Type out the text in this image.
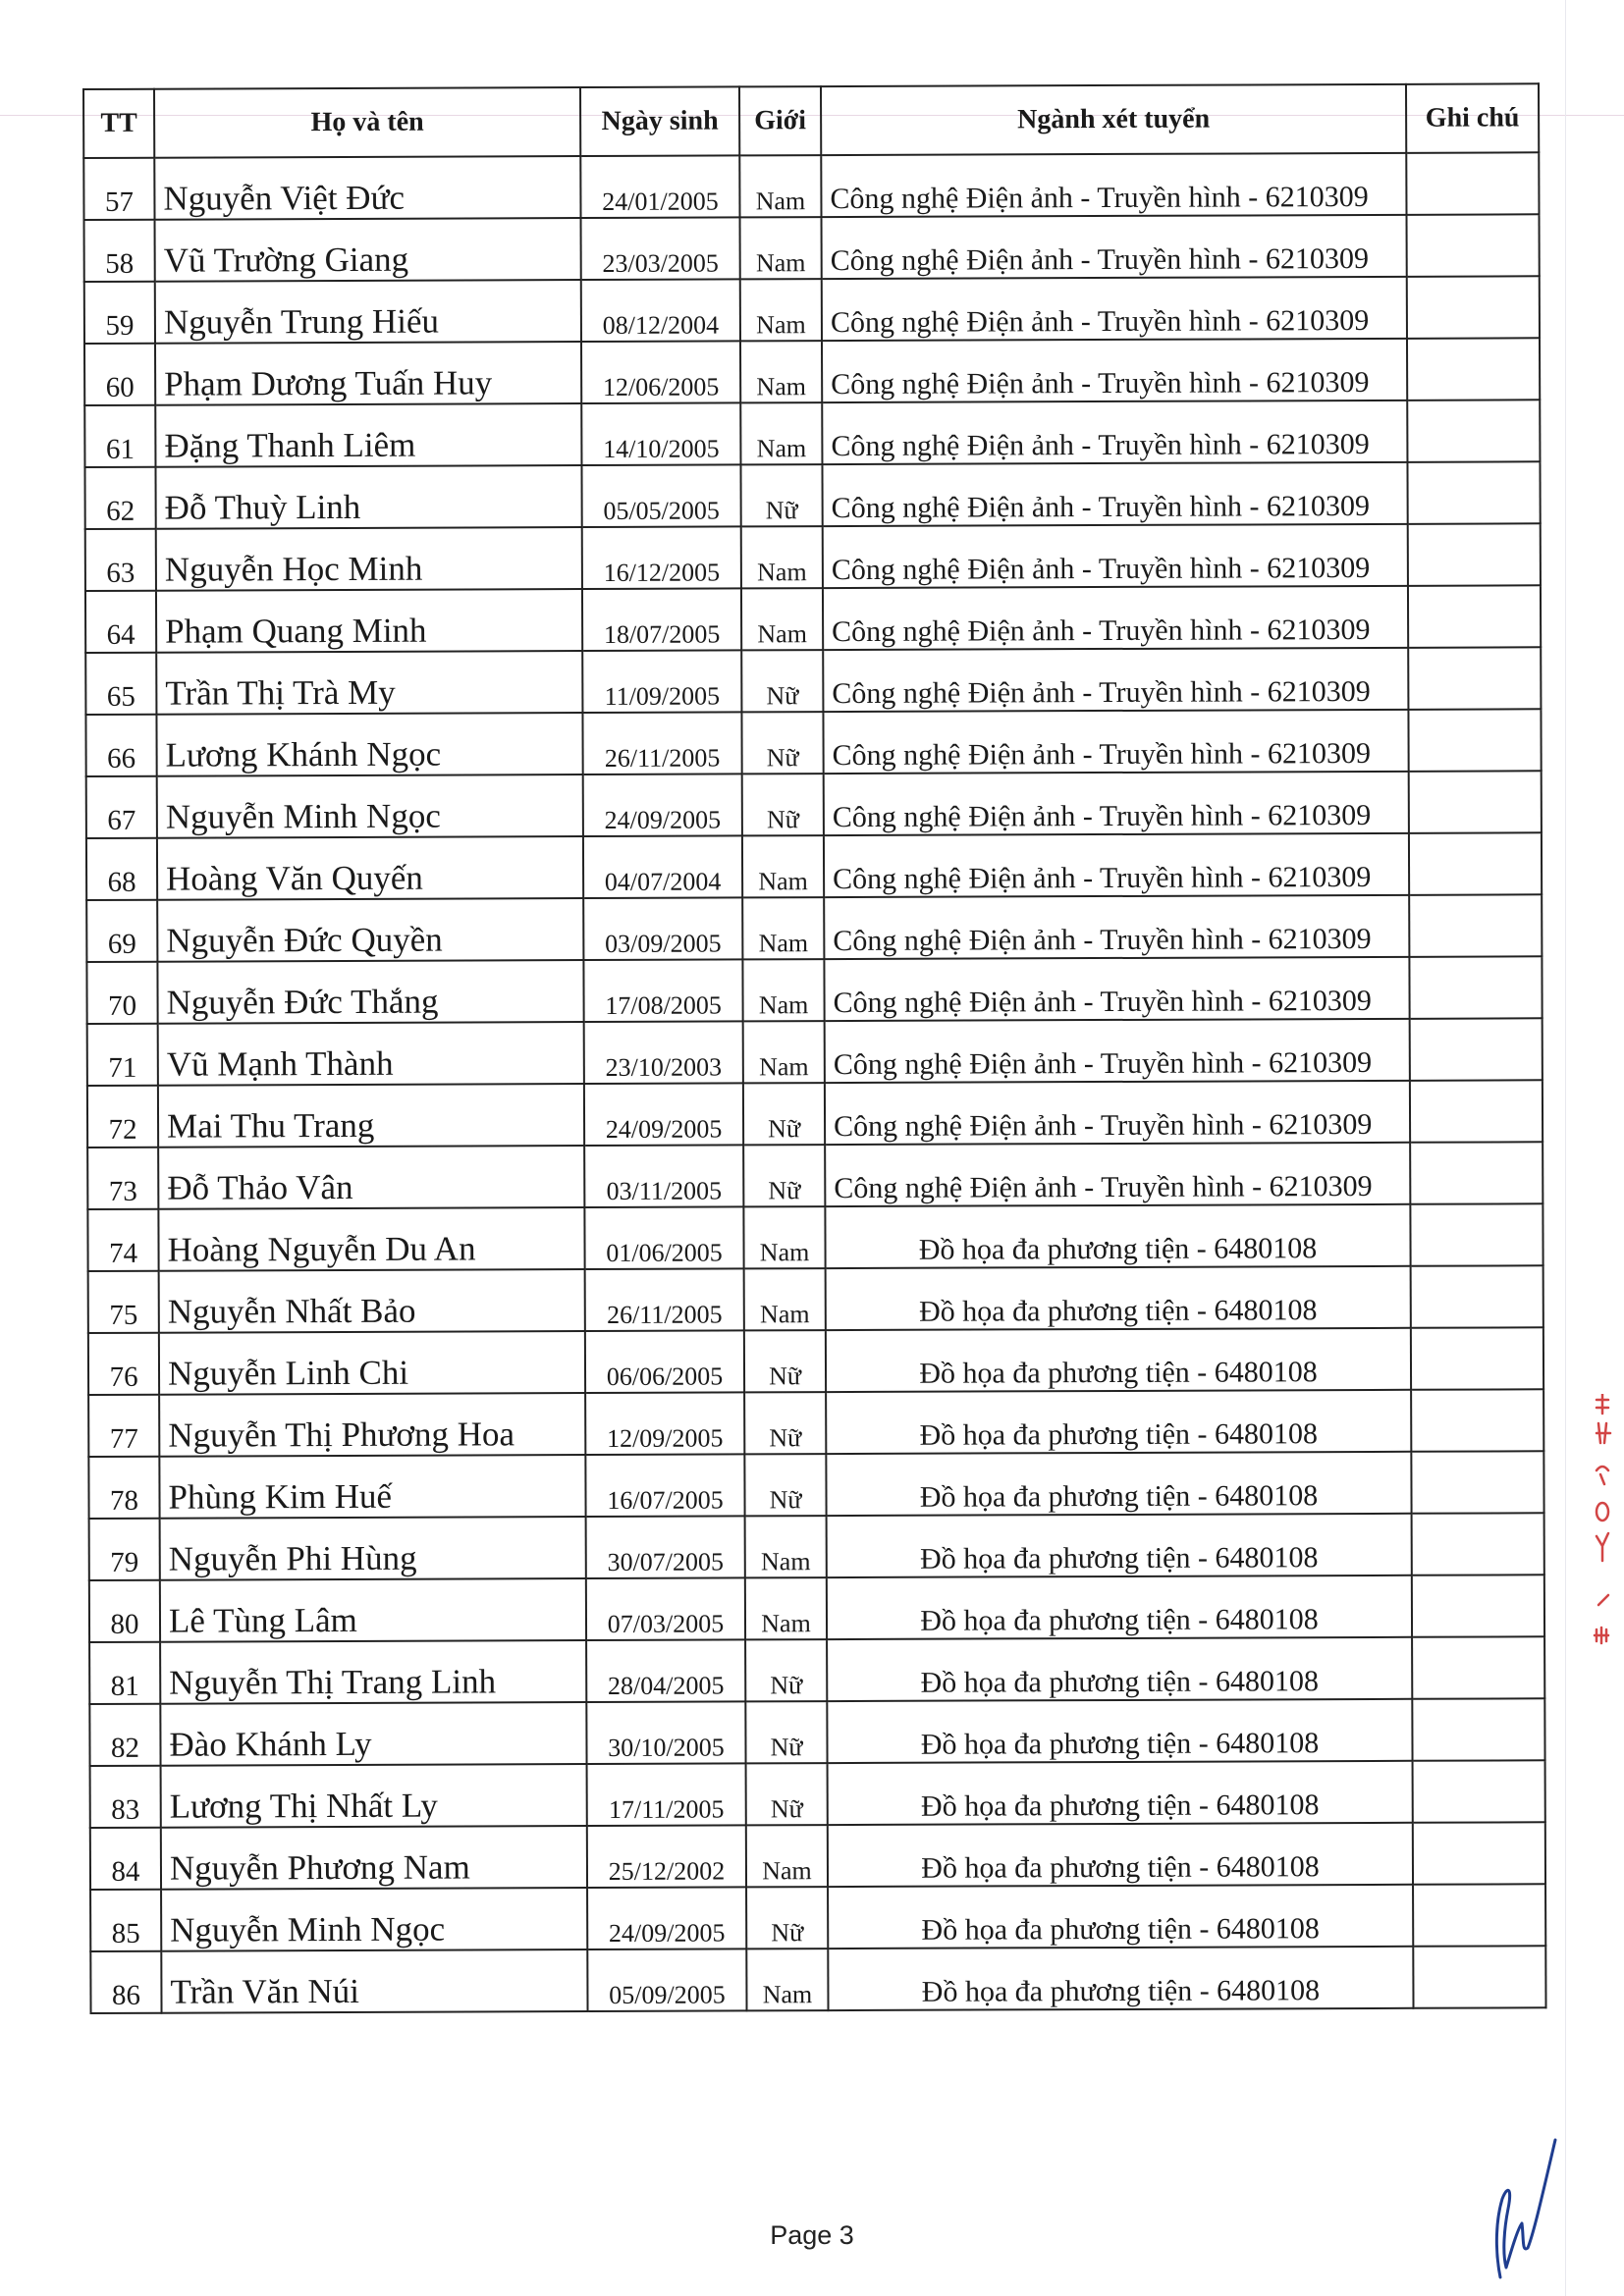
TT	Họ và tên	Ngày sinh	Giới	Ngành xét tuyển	Ghi chú
57	Nguyễn Việt Đức	24/01/2005	Nam	Công nghệ Điện ảnh - Truyền hình - 6210309	
58	Vũ Trường Giang	23/03/2005	Nam	Công nghệ Điện ảnh - Truyền hình - 6210309	
59	Nguyễn Trung Hiếu	08/12/2004	Nam	Công nghệ Điện ảnh - Truyền hình - 6210309	
60	Phạm Dương Tuấn Huy	12/06/2005	Nam	Công nghệ Điện ảnh - Truyền hình - 6210309	
61	Đặng Thanh Liêm	14/10/2005	Nam	Công nghệ Điện ảnh - Truyền hình - 6210309	
62	Đỗ Thuỳ Linh	05/05/2005	Nữ	Công nghệ Điện ảnh - Truyền hình - 6210309	
63	Nguyễn Học Minh	16/12/2005	Nam	Công nghệ Điện ảnh - Truyền hình - 6210309	
64	Phạm Quang Minh	18/07/2005	Nam	Công nghệ Điện ảnh - Truyền hình - 6210309	
65	Trần Thị Trà My	11/09/2005	Nữ	Công nghệ Điện ảnh - Truyền hình - 6210309	
66	Lương Khánh Ngọc	26/11/2005	Nữ	Công nghệ Điện ảnh - Truyền hình - 6210309	
67	Nguyễn Minh Ngọc	24/09/2005	Nữ	Công nghệ Điện ảnh - Truyền hình - 6210309	
68	Hoàng Văn Quyến	04/07/2004	Nam	Công nghệ Điện ảnh - Truyền hình - 6210309	
69	Nguyễn Đức Quyền	03/09/2005	Nam	Công nghệ Điện ảnh - Truyền hình - 6210309	
70	Nguyễn Đức Thắng	17/08/2005	Nam	Công nghệ Điện ảnh - Truyền hình - 6210309	
71	Vũ Mạnh Thành	23/10/2003	Nam	Công nghệ Điện ảnh - Truyền hình - 6210309	
72	Mai Thu Trang	24/09/2005	Nữ	Công nghệ Điện ảnh - Truyền hình - 6210309	
73	Đỗ Thảo Vân	03/11/2005	Nữ	Công nghệ Điện ảnh - Truyền hình - 6210309	
74	Hoàng Nguyễn Du An	01/06/2005	Nam	Đồ họa đa phương tiện - 6480108	
75	Nguyễn Nhất Bảo	26/11/2005	Nam	Đồ họa đa phương tiện - 6480108	
76	Nguyễn Linh Chi	06/06/2005	Nữ	Đồ họa đa phương tiện - 6480108	
77	Nguyễn Thị Phương Hoa	12/09/2005	Nữ	Đồ họa đa phương tiện - 6480108	
78	Phùng Kim Huế	16/07/2005	Nữ	Đồ họa đa phương tiện - 6480108	
79	Nguyễn Phi Hùng	30/07/2005	Nam	Đồ họa đa phương tiện - 6480108	
80	Lê Tùng Lâm	07/03/2005	Nam	Đồ họa đa phương tiện - 6480108	
81	Nguyễn Thị Trang Linh	28/04/2005	Nữ	Đồ họa đa phương tiện - 6480108	
82	Đào Khánh Ly	30/10/2005	Nữ	Đồ họa đa phương tiện - 6480108	
83	Lương Thị Nhất Ly	17/11/2005	Nữ	Đồ họa đa phương tiện - 6480108	
84	Nguyễn Phương Nam	25/12/2002	Nam	Đồ họa đa phương tiện - 6480108	
85	Nguyễn Minh Ngọc	24/09/2005	Nữ	Đồ họa đa phương tiện - 6480108	
86	Trần Văn Núi	05/09/2005	Nam	Đồ họa đa phương tiện - 6480108	
Page 3
